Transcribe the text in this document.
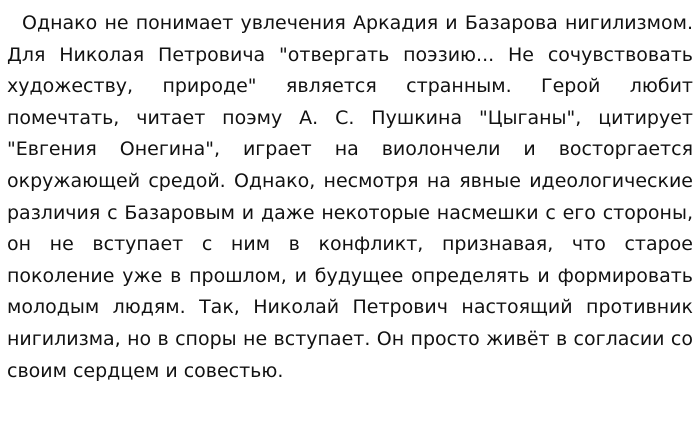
Однако не понимает увлечения Аркадия и Базарова нигилизмом. Для Николая Петровича "отвергать поэзию... Не сочувствовать художеству, природе" является странным. Герой любит помечтать, читает поэму А. С. Пушкина "Цыганы", цитирует "Евгения Онегина", играет на виолончели и восторгается окружающей средой. Однако, несмотря на явные идеологические различия с Базаровым и даже некоторые насмешки с его стороны, он не вступает с ним в конфликт, признавая, что старое поколение уже в прошлом, и будущее определять и формировать молодым людям. Так, Николай Петрович настоящий противник нигилизма, но в споры не вступает. Он просто живёт в согласии со своим сердцем и совестью.
